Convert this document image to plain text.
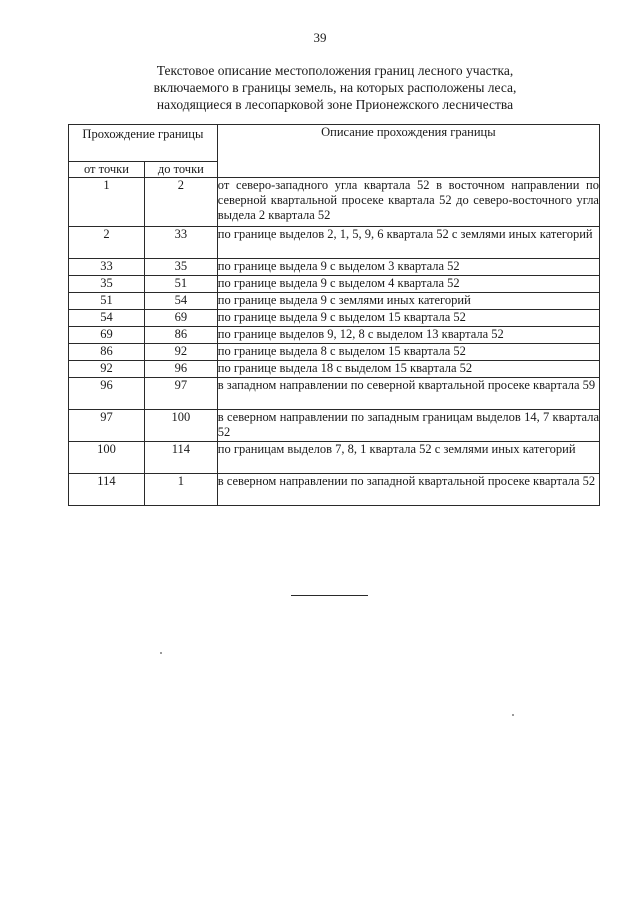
39
Текстовое описание местоположения границ лесного участка,
включаемого в границы земель, на которых расположены леса,
находящиеся в лесопарковой зоне Прионежского лесничества
Прохождение границы		Описание прохождения границы
от точки	до точки	
1	2	от северо-западного угла квартала 52 в восточном направлении по северной квартальной просеке квартала 52 до северо-восточного угла выдела 2 квартала 52
2	33	по границе выделов 2, 1, 5, 9, 6 квартала 52 с землями иных категорий
33	35	по границе выдела 9 с выделом 3 квартала 52
35	51	по границе выдела 9 с выделом 4 квартала 52
51	54	по границе выдела 9 с землями иных категорий
54	69	по границе выдела 9 с выделом 15 квартала 52
69	86	по границе выделов 9, 12, 8 с выделом 13 квартала 52
86	92	по границе выдела 8 с выделом 15 квартала 52
92	96	по границе выдела 18 с выделом 15 квартала 52
96	97	в западном направлении по северной квартальной просеке квартала 59
97	100	в северном направлении по западным границам выделов 14, 7 квартала 52
100	114	по границам выделов 7, 8, 1 квартала 52 с землями иных категорий
114	1	в северном направлении по западной квартальной просеке квартала 52
